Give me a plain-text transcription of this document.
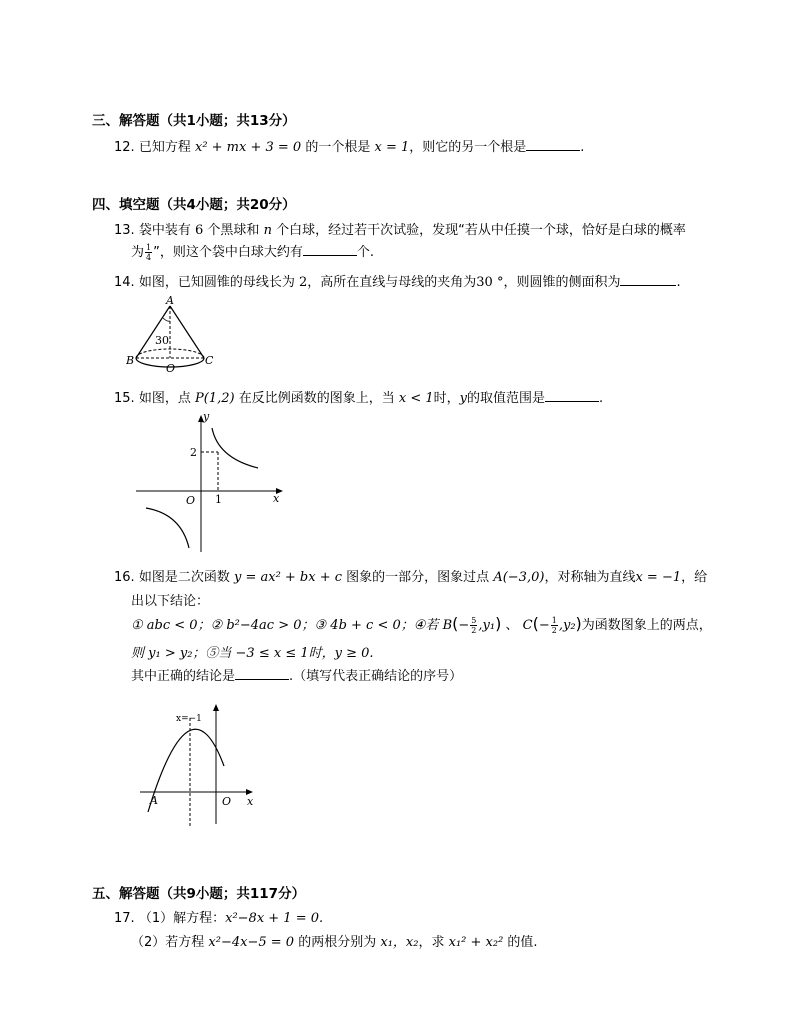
三、解答题（共1小题；共13分）
12. 已知方程 x² + mx + 3 = 0 的一个根是 x = 1，则它的另一个根是	.
四、填空题（共4小题；共20分）
13. 袋中装有 6 个黑球和 n 个白球，经过若干次试验，发现“若从中任摸一个球，恰好是白球的概率
为 $\frac{1}{4}$ ”，则这个袋中白球大约有	个.
14. 如图，已知圆锥的母线长为 2，高所在直线与母线的夹角为30 °，则圆锥的侧面积为	.
A
B	C
O
30
15. 如图，点 P(1,2) 在反比例函数的图象上，当 x < 1时，y的取值范围是	.
y
x
O
2
1
16. 如图是二次函数 y = ax² + bx + c 图象的一部分，图象过点 A(−3,0)，对称轴为直线x = −1，给
出以下结论：
① abc < 0；② b²−4ac > 0；③ 4b + c < 0；④若 $B(- \frac{5}{2} ,y_1)$ 、 $C(- \frac{1}{2} ,y_2)$为函数图象上的两点，
则 y₁ > y₂；⑤当 −3 ≤ x ≤ 1时，y ≥ 0.
其中正确的结论是	.（填写代表正确结论的序号）
x=−1
A	O x
五、解答题（共9小题；共117分）
17. （1）解方程：x²−8x + 1 = 0.
（2）若方程 x²−4x−5 = 0 的两根分别为 x₁，x₂，求 x₁² + x₂² 的值.
